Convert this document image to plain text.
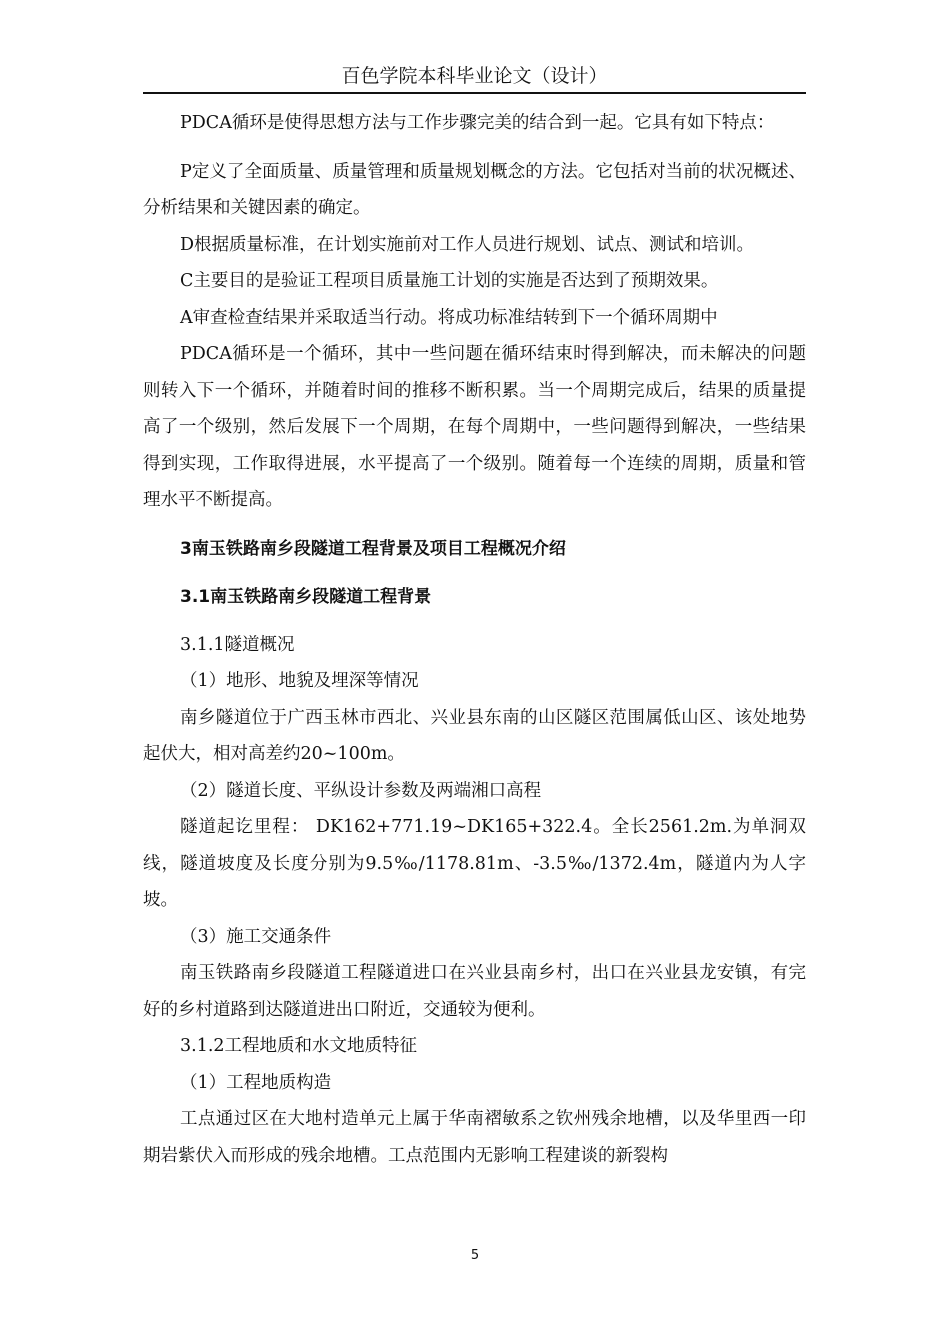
百色学院本科毕业论文（设计）

PDCA循环是使得思想方法与工作步骤完美的结合到一起。它具有如下特点：

P定义了全面质量、质量管理和质量规划概念的方法。它包括对当前的状况概述、分析结果和关键因素的确定。

D根据质量标准，在计划实施前对工作人员进行规划、试点、测试和培训。

C主要目的是验证工程项目质量施工计划的实施是否达到了预期效果。

A审查检查结果并采取适当行动。将成功标准结转到下一个循环周期中

PDCA循环是一个循环，其中一些问题在循环结束时得到解决，而未解决的问题则转入下一个循环，并随着时间的推移不断积累。当一个周期完成后，结果的质量提高了一个级别，然后发展下一个周期，在每个周期中，一些问题得到解决，一些结果得到实现，工作取得进展，水平提高了一个级别。随着每一个连续的周期，质量和管理水平不断提高。

3南玉铁路南乡段隧道工程背景及项目工程概况介绍

3.1南玉铁路南乡段隧道工程背景

3.1.1隧道概况

（1）地形、地貌及埋深等情况

南乡隧道位于广西玉林市西北、兴业县东南的山区隧区范围属低山区、该处地势起伏大，相对高差约20~100m。

（2）隧道长度、平纵设计参数及两端湘口高程

隧道起讫里程： DK162+771.19~DK165+322.4。全长2561.2m.为单洞双线，隧道坡度及长度分别为9.5‰/1178.81m、-3.5‰/1372.4m，隧道内为人字坡。

（3）施工交通条件

南玉铁路南乡段隧道工程隧道进口在兴业县南乡村，出口在兴业县龙安镇，有完好的乡村道路到达隧道进出口附近，交通较为便利。

3.1.2工程地质和水文地质特征

（1）工程地质构造

工点通过区在大地村造单元上属于华南褶敏系之钦州残余地槽，以及华里西一印期岩紫伏入而形成的残余地槽。工点范围内无影响工程建谈的新裂构

5
